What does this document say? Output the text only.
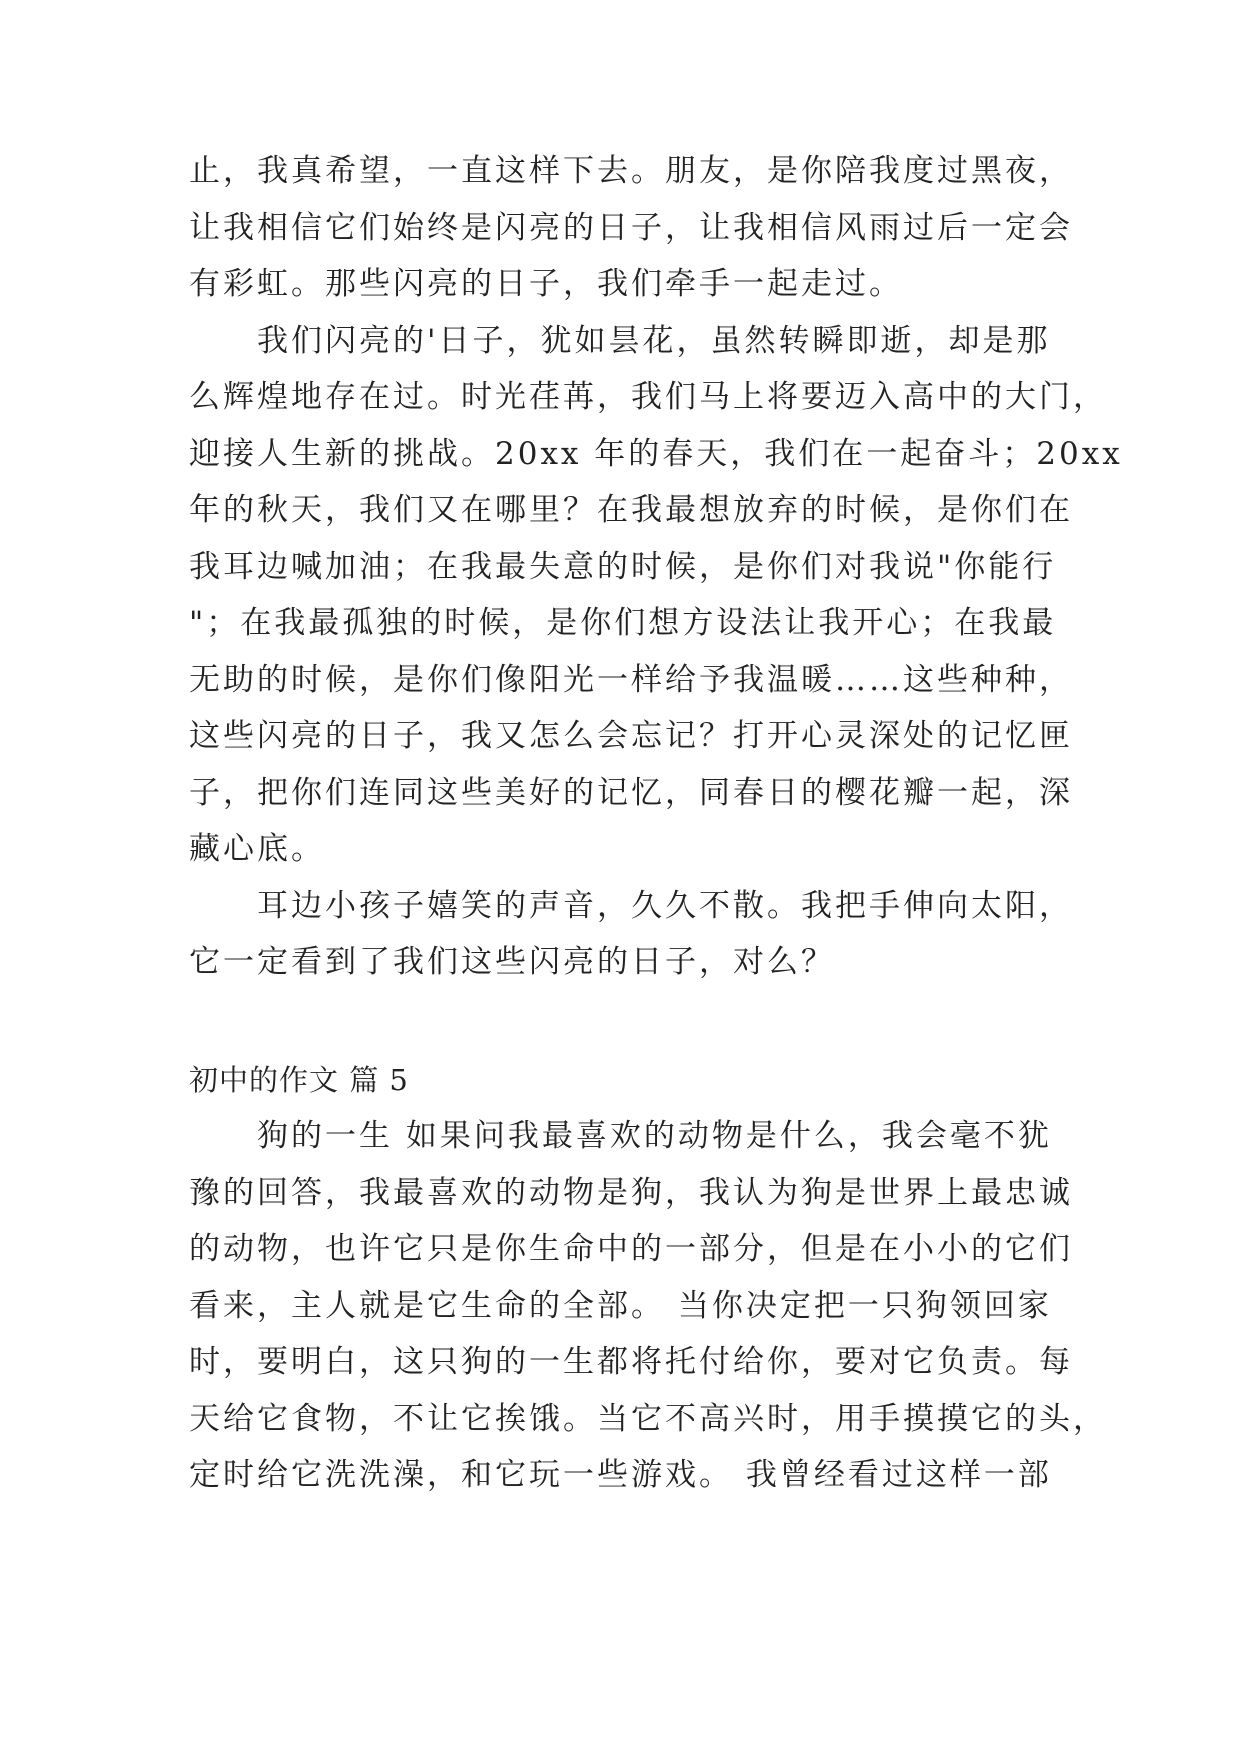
止，我真希望，一直这样下去。朋友，是你陪我度过黑夜，
让我相信它们始终是闪亮的日子，让我相信风雨过后一定会
有彩虹。那些闪亮的日子，我们牵手一起走过。
　　我们闪亮的'日子，犹如昙花，虽然转瞬即逝，却是那
么辉煌地存在过。时光荏苒，我们马上将要迈入高中的大门，
迎接人生新的挑战。20xx 年的春天，我们在一起奋斗；20xx
年的秋天，我们又在哪里？在我最想放弃的时候，是你们在
我耳边喊加油；在我最失意的时候，是你们对我说"你能行
"；在我最孤独的时候，是你们想方设法让我开心；在我最
无助的时候，是你们像阳光一样给予我温暖……这些种种，
这些闪亮的日子，我又怎么会忘记？打开心灵深处的记忆匣
子，把你们连同这些美好的记忆，同春日的樱花瓣一起，深
藏心底。
　　耳边小孩子嬉笑的声音，久久不散。我把手伸向太阳，
它一定看到了我们这些闪亮的日子，对么？
初中的作文 篇 5
　　狗的一生 如果问我最喜欢的动物是什么，我会毫不犹
豫的回答，我最喜欢的动物是狗，我认为狗是世界上最忠诚
的动物，也许它只是你生命中的一部分，但是在小小的它们
看来，主人就是它生命的全部。 当你决定把一只狗领回家
时，要明白，这只狗的一生都将托付给你，要对它负责。每
天给它食物，不让它挨饿。当它不高兴时，用手摸摸它的头，
定时给它洗洗澡，和它玩一些游戏。 我曾经看过这样一部
